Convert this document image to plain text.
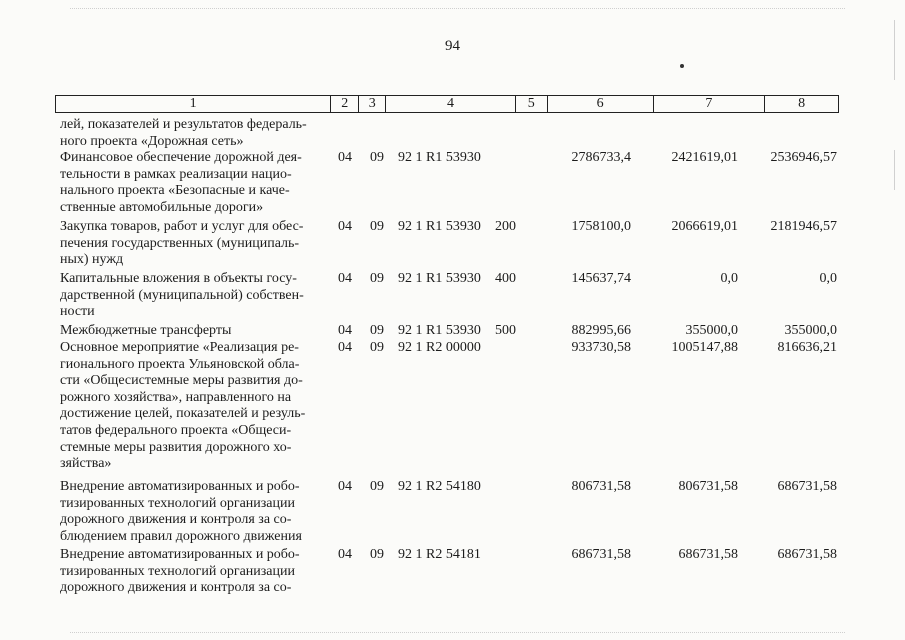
94
1	2	3	4	5	6	7	8
лей, показателей и результатов федераль-
ного проекта «Дорожная сеть»
Финансовое обеспечение дорожной дея-
тельности в рамках реализации нацио-
нального проекта «Безопасные и каче-
ственные автомобильные дороги»
04 09 92 1 R1 53930	2786733,4	2421619,01	2536946,57
Закупка товаров, работ и услуг для обес-
печения государственных (муниципаль-
ных) нужд
04 09 92 1 R1 53930 200	1758100,0	2066619,01	2181946,57
Капитальные вложения в объекты госу-
дарственной (муниципальной) собствен-
ности
04 09 92 1 R1 53930 400	145637,74	0,0	0,0
Межбюджетные трансферты	04 09 92 1 R1 53930 500	882995,66	355000,0	355000,0
Основное мероприятие «Реализация ре-
гионального проекта Ульяновской обла-
сти «Общесистемные меры развития до-
рожного хозяйства», направленного на
достижение целей, показателей и резуль-
татов федерального проекта «Общеси-
стемные меры развития дорожного хо-
зяйства»
04 09 92 1 R2 00000	933730,58	1005147,88	816636,21
Внедрение автоматизированных и робо-
тизированных технологий организации
дорожного движения и контроля за со-
блюдением правил дорожного движения
04 09 92 1 R2 54180	806731,58	806731,58	686731,58
Внедрение автоматизированных и робо-
тизированных технологий организации
дорожного движения и контроля за со-
04 09 92 1 R2 54181	686731,58	686731,58	686731,58
